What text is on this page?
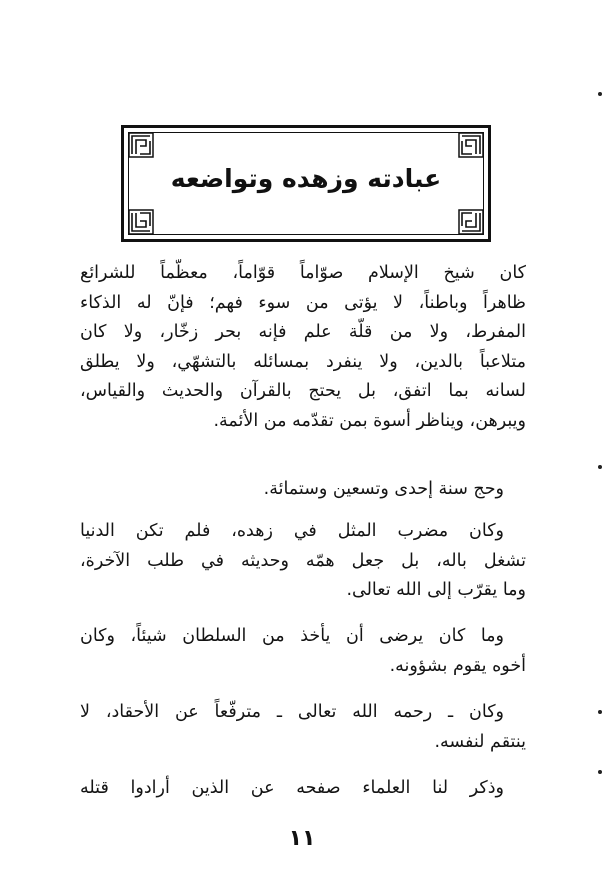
عبادته وزهده وتواضعه
كان شيخ الإسلام صوّاماً قوّاماً، معظّماً للشرائع
ظاهراً وباطناً، لا يؤتى من سوء فهم؛ فإنّ له الذكاء
المفرط، ولا من قلّة علم فإنه بحر زخّار، ولا كان
متلاعباً بالدين، ولا ينفرد بمسائله بالتشهّي، ولا يطلق
لسانه بما اتفق، بل يحتج بالقرآن والحديث والقياس،
ويبرهن، ويناظر أسوة بمن تقدّمه من الأئمة.
وحج سنة إحدى وتسعين وستمائة.
وكان مضرب المثل في زهده، فلم تكن الدنيا
تشغل باله، بل جعل همّه وحديثه في طلب الآخرة،
وما يقرّب إلى الله تعالى.
وما كان يرضى أن يأخذ من السلطان شيئاً، وكان
أخوه يقوم بشؤونه.
وكان ـ رحمه الله تعالى ـ مترفّعاً عن الأحقاد، لا
ينتقم لنفسه.
وذكر لنا العلماء صفحه عن الذين أرادوا قتله
١١
